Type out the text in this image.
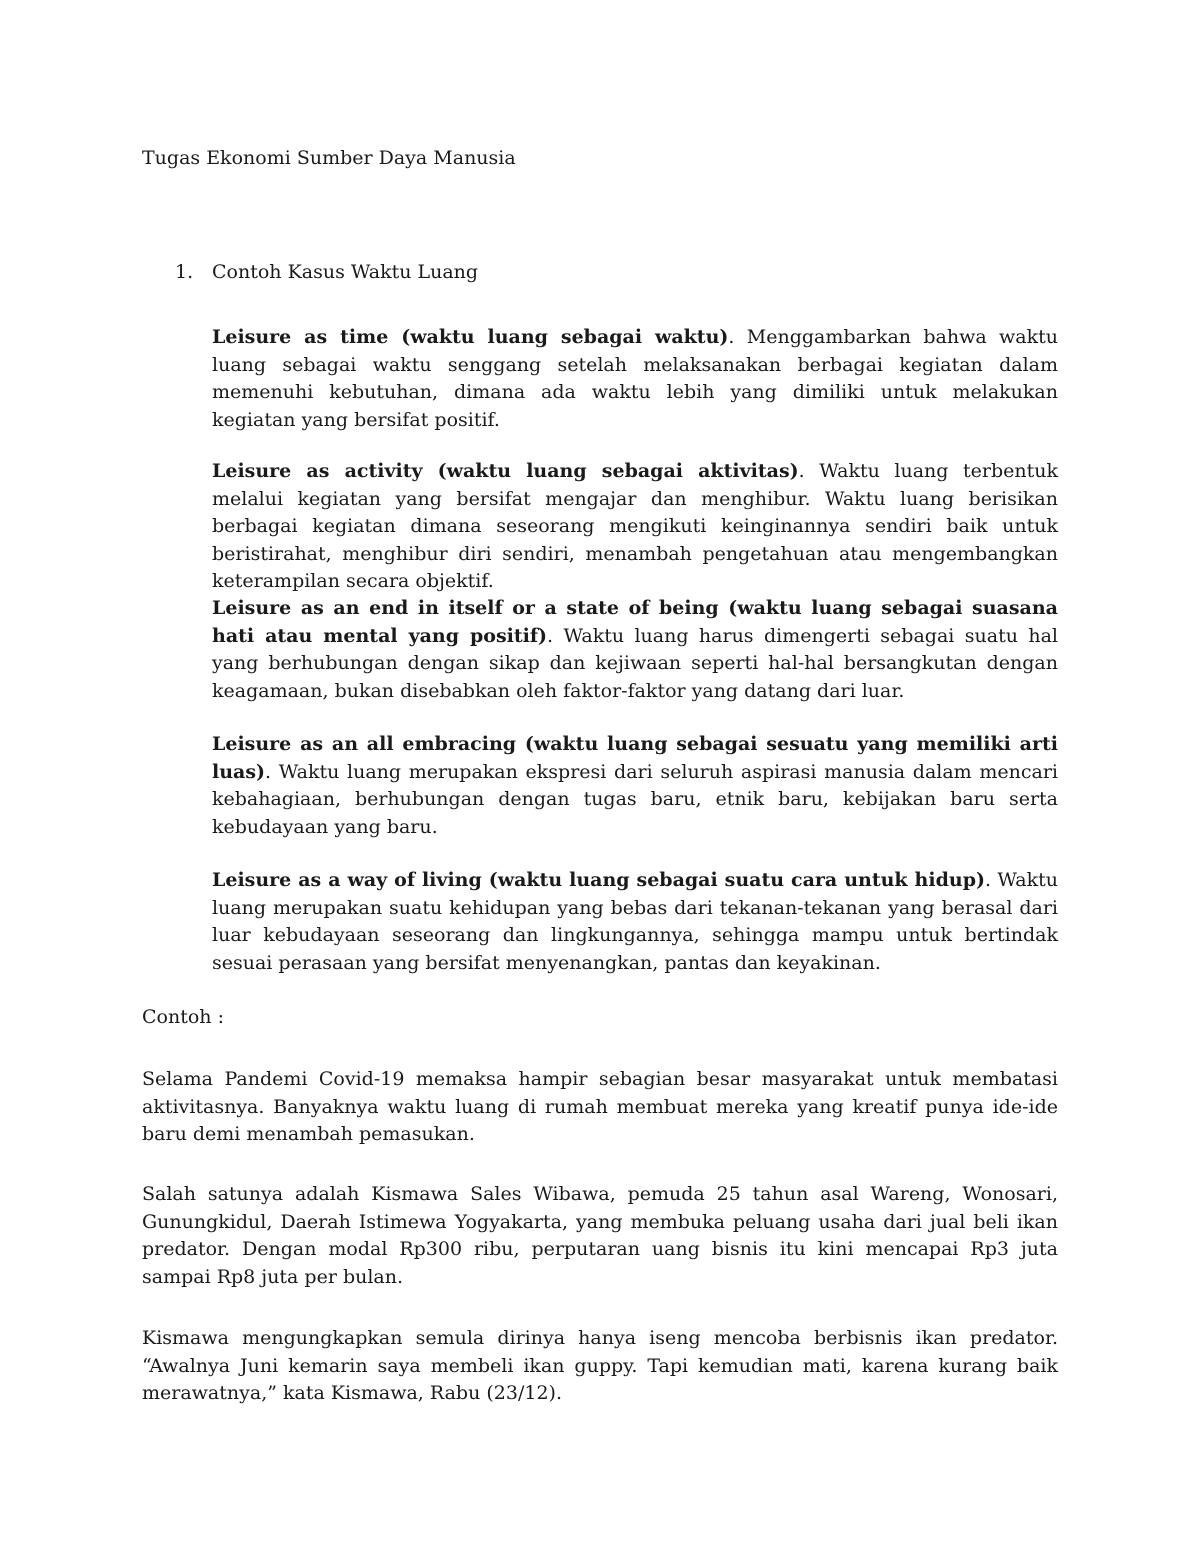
Tugas Ekonomi Sumber Daya Manusia
1. Contoh Kasus Waktu Luang

Leisure as time (waktu luang sebagai waktu). Menggambarkan bahwa waktu luang sebagai waktu senggang setelah melaksanakan berbagai kegiatan dalam memenuhi kebutuhan, dimana ada waktu lebih yang dimiliki untuk melakukan kegiatan yang bersifat positif.

Leisure as activity (waktu luang sebagai aktivitas). Waktu luang terbentuk melalui kegiatan yang bersifat mengajar dan menghibur. Waktu luang berisikan berbagai kegiatan dimana seseorang mengikuti keinginannya sendiri baik untuk beristirahat, menghibur diri sendiri, menambah pengetahuan atau mengembangkan keterampilan secara objektif.

Leisure as an end in itself or a state of being (waktu luang sebagai suasana hati atau mental yang positif). Waktu luang harus dimengerti sebagai suatu hal yang berhubungan dengan sikap dan kejiwaan seperti hal-hal bersangkutan dengan keagamaan, bukan disebabkan oleh faktor-faktor yang datang dari luar.

Leisure as an all embracing (waktu luang sebagai sesuatu yang memiliki arti luas). Waktu luang merupakan ekspresi dari seluruh aspirasi manusia dalam mencari kebahagiaan, berhubungan dengan tugas baru, etnik baru, kebijakan baru serta kebudayaan yang baru.

Leisure as a way of living (waktu luang sebagai suatu cara untuk hidup). Waktu luang merupakan suatu kehidupan yang bebas dari tekanan-tekanan yang berasal dari luar kebudayaan seseorang dan lingkungannya, sehingga mampu untuk bertindak sesuai perasaan yang bersifat menyenangkan, pantas dan keyakinan.

Contoh :

Selama Pandemi Covid-19 memaksa hampir sebagian besar masyarakat untuk membatasi aktivitasnya. Banyaknya waktu luang di rumah membuat mereka yang kreatif punya ide-ide baru demi menambah pemasukan.

Salah satunya adalah Kismawa Sales Wibawa, pemuda 25 tahun asal Wareng, Wonosari, Gunungkidul, Daerah Istimewa Yogyakarta, yang membuka peluang usaha dari jual beli ikan predator. Dengan modal Rp300 ribu, perputaran uang bisnis itu kini mencapai Rp3 juta sampai Rp8 juta per bulan.

Kismawa mengungkapkan semula dirinya hanya iseng mencoba berbisnis ikan predator. “Awalnya Juni kemarin saya membeli ikan guppy. Tapi kemudian mati, karena kurang baik merawatnya,” kata Kismawa, Rabu (23/12).
